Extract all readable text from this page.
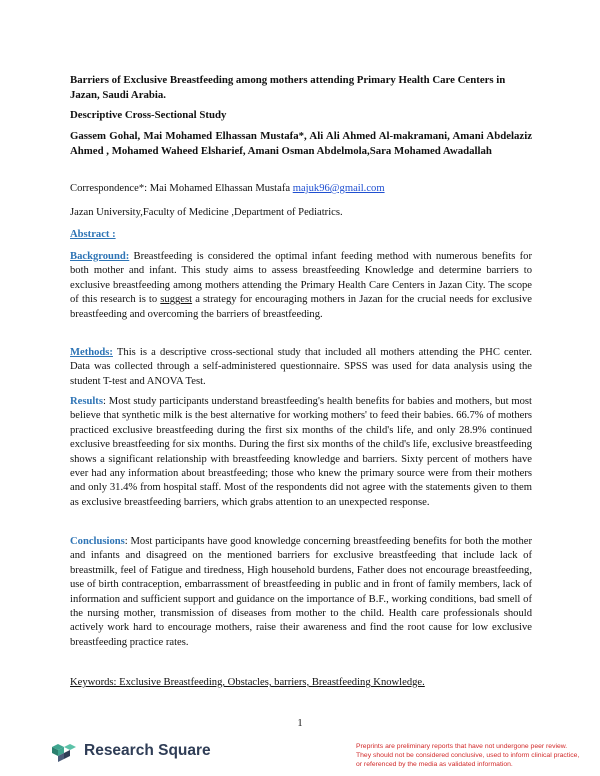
Barriers of Exclusive Breastfeeding among mothers attending Primary Health Care Centers in Jazan, Saudi Arabia.
Descriptive Cross-Sectional Study
Gassem Gohal, Mai Mohamed Elhassan Mustafa*, Ali Ali Ahmed Al-makramani, Amani Abdelaziz Ahmed , Mohamed Waheed Elsharief, Amani Osman Abdelmola,Sara Mohamed Awadallah
Correspondence*: Mai Mohamed Elhassan Mustafa majuk96@gmail.com
Jazan University,Faculty of Medicine ,Department of Pediatrics.
Abstract :
Background: Breastfeeding is considered the optimal infant feeding method with numerous benefits for both mother and infant. This study aims to assess breastfeeding Knowledge and determine barriers to exclusive breastfeeding among mothers attending the Primary Health Care Centers in Jazan City. The scope of this research is to suggest a strategy for encouraging mothers in Jazan for the crucial needs for exclusive breastfeeding and overcoming the barriers of breastfeeding.
Methods: This is a descriptive cross-sectional study that included all mothers attending the PHC center. Data was collected through a self-administered questionnaire. SPSS was used for data analysis using the student T-test and ANOVA Test.
Results: Most study participants understand breastfeeding's health benefits for babies and mothers, but most believe that synthetic milk is the best alternative for working mothers' to feed their babies. 66.7% of mothers practiced exclusive breastfeeding during the first six months of the child's life, and only 28.9% continued exclusive breastfeeding for six months. During the first six months of the child's life, exclusive breastfeeding shows a significant relationship with breastfeeding knowledge and barriers. Sixty percent of mothers have ever had any information about breastfeeding; those who knew the primary source were from their mothers and only 31.4% from hospital staff. Most of the respondents did not agree with the statements given to them as exclusive breastfeeding barriers, which grabs attention to an unexpected response.
Conclusions: Most participants have good knowledge concerning breastfeeding benefits for both the mother and infants and disagreed on the mentioned barriers for exclusive breastfeeding that include lack of breastmilk, feel of Fatigue and tiredness, High household burdens, Father does not encourage breastfeeding, use of birth contraception, embarrassment of breastfeeding in public and in front of family members, lack of information and sufficient support and guidance on the importance of B.F., working conditions, bad smell of the nursing mother, transmission of diseases from mother to the child. Health care professionals should actively work hard to encourage mothers, raise their awareness and find the root cause for low exclusive breastfeeding practice rates.
Keywords: Exclusive Breastfeeding, Obstacles, barriers, Breastfeeding Knowledge.
1
Research Square	Preprints are preliminary reports that have not undergone peer review.
They should not be considered conclusive, used to inform clinical practice,
or referenced by the media as validated information.
